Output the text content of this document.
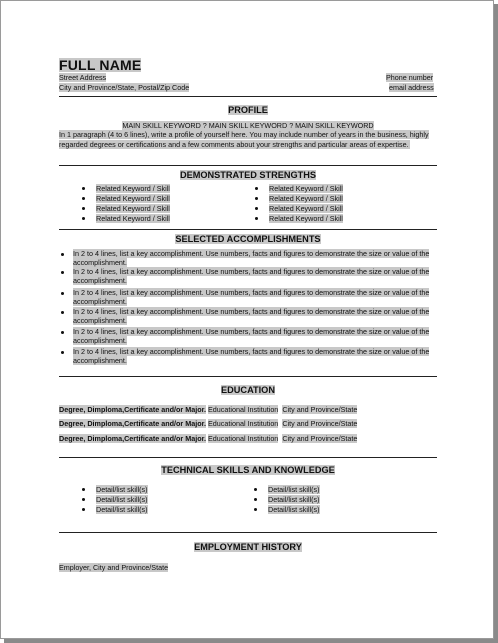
FULL NAME
Street Address
City and Province/State, Postal/Zip Code
Phone number
email address
PROFILE
MAIN SKILL KEYWORD ? MAIN SKILL KEYWORD ? MAIN SKILL KEYWORD
In 1 paragraph (4 to 6 lines), write a profile of yourself here. You may include number of years in the business, highly regarded degrees or certifications and a few comments about your strengths and particular areas of expertise.
DEMONSTRATED STRENGTHS
Related Keyword / Skill
Related Keyword / Skill
Related Keyword / Skill
Related Keyword / Skill
Related Keyword / Skill
Related Keyword / Skill
Related Keyword / Skill
Related Keyword / Skill
SELECTED ACCOMPLISHMENTS
In 2 to 4 lines, list a key accomplishment. Use numbers, facts and figures to demonstrate the size or value of the accomplishment.
In 2 to 4 lines, list a key accomplishment. Use numbers, facts and figures to demonstrate the size or value of the accomplishment.
In 2 to 4 lines, list a key accomplishment. Use numbers, facts and figures to demonstrate the size or value of the accomplishment.
In 2 to 4 lines, list a key accomplishment. Use numbers, facts and figures to demonstrate the size or value of the accomplishment.
In 2 to 4 lines, list a key accomplishment. Use numbers, facts and figures to demonstrate the size or value of the accomplishment.
In 2 to 4 lines, list a key accomplishment. Use numbers, facts and figures to demonstrate the size or value of the accomplishment.
EDUCATION
Degree, Dimploma,Certificate and/or Major. Educational Institution City and Province/State
Degree, Dimploma,Certificate and/or Major. Educational Institution City and Province/State
Degree, Dimploma,Certificate and/or Major. Educational Institution City and Province/State
TECHNICAL SKILLS AND KNOWLEDGE
Detail/list skill(s)
Detail/list skill(s)
Detail/list skill(s)
Detail/list skill(s)
Detail/list skill(s)
Detail/list skill(s)
EMPLOYMENT HISTORY
Employer, City and Province/State
